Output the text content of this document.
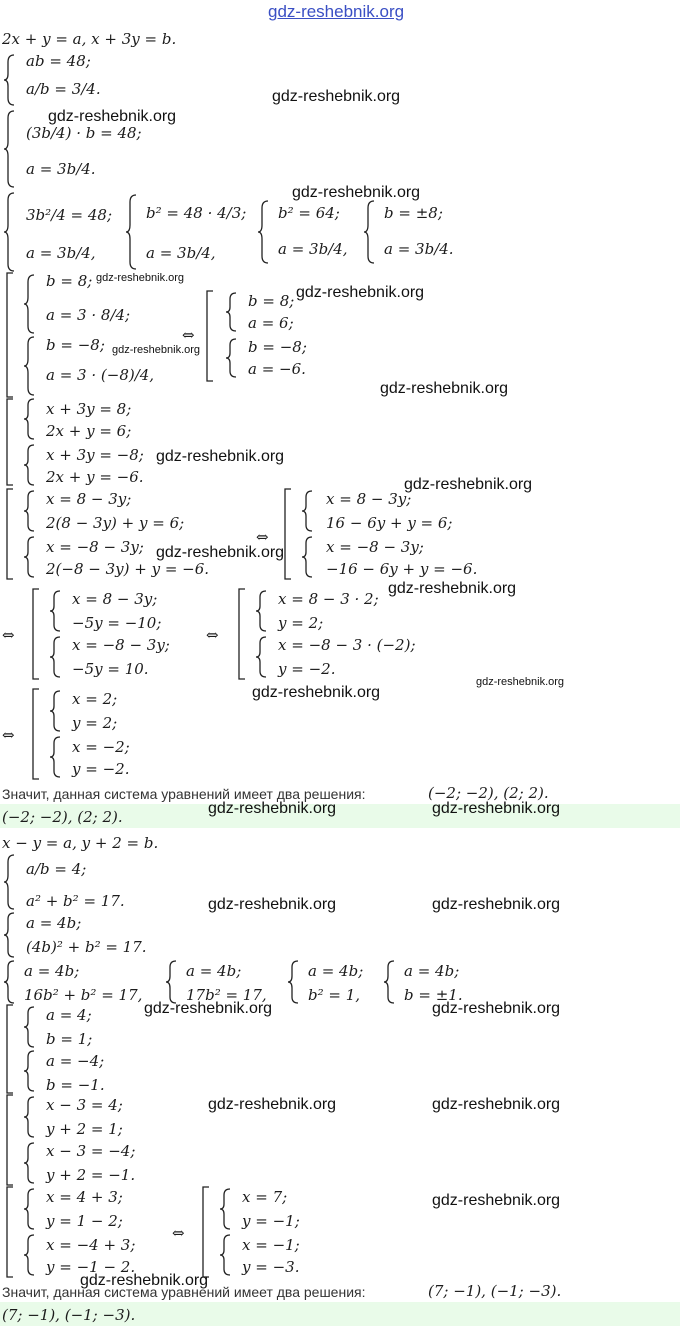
gdz-reshebnik.org
2x + y = a, x + 3y = b.
ab = 48;
a/b = 3/4.
(3b/4) · b = 48;
a = 3b/4.
3b²/4 = 48;
a = 3b/4,
b² = 48 · 4/3;
a = 3b/4,
b² = 64;
a = 3b/4,
b = ±8;
a = 3b/4.
b = 8;
a = 3 · 8/4;
b = −8;
a = 3 · (−8)/4,
⇔
b = 8;
a = 6;
b = −8;
a = −6.
x + 3y = 8;
2x + y = 6;
x + 3y = −8;
2x + y = −6.
x = 8 − 3y;
2(8 − 3y) + y = 6;
x = −8 − 3y;
2(−8 − 3y) + y = −6.
⇔
x = 8 − 3y;
16 − 6y + y = 6;
x = −8 − 3y;
−16 − 6y + y = −6.
⇔
x = 8 − 3y;
−5y = −10;
x = −8 − 3y;
−5y = 10.
⇔
x = 8 − 3 · 2;
y = 2;
x = −8 − 3 · (−2);
y = −2.
⇔
x = 2;
y = 2;
x = −2;
y = −2.
Значит, данная система уравнений имеет два решения:	(−2; −2), (2; 2).
(−2; −2), (2; 2).
x − y = a, y + 2 = b.
a/b = 4;
a² + b² = 17.
a = 4b;
(4b)² + b² = 17.
a = 4b;
16b² + b² = 17,
a = 4b;
17b² = 17,
a = 4b;
b² = 1,
a = 4b;
b = ±1.
a = 4;
b = 1;
a = −4;
b = −1.
x − 3 = 4;
y + 2 = 1;
x − 3 = −4;
y + 2 = −1.
x = 4 + 3;
y = 1 − 2;
x = −4 + 3;
y = −1 − 2.
⇔
x = 7;
y = −1;
x = −1;
y = −3.
Значит, данная система уравнений имеет два решения:	(7; −1), (−1; −3).
(7; −1), (−1; −3).
gdz-reshebnik.org
gdz-reshebnik.org
gdz-reshebnik.org
gdz-reshebnik.org
gdz-reshebnik.org
gdz-reshebnik.org
gdz-reshebnik.org
gdz-reshebnik.org
gdz-reshebnik.org
gdz-reshebnik.org
gdz-reshebnik.org
gdz-reshebnik.org
gdz-reshebnik.org
gdz-reshebnik.org	gdz-reshebnik.org
gdz-reshebnik.org	gdz-reshebnik.org
gdz-reshebnik.org	gdz-reshebnik.org
gdz-reshebnik.org	gdz-reshebnik.org
gdz-reshebnik.org
gdz-reshebnik.org
